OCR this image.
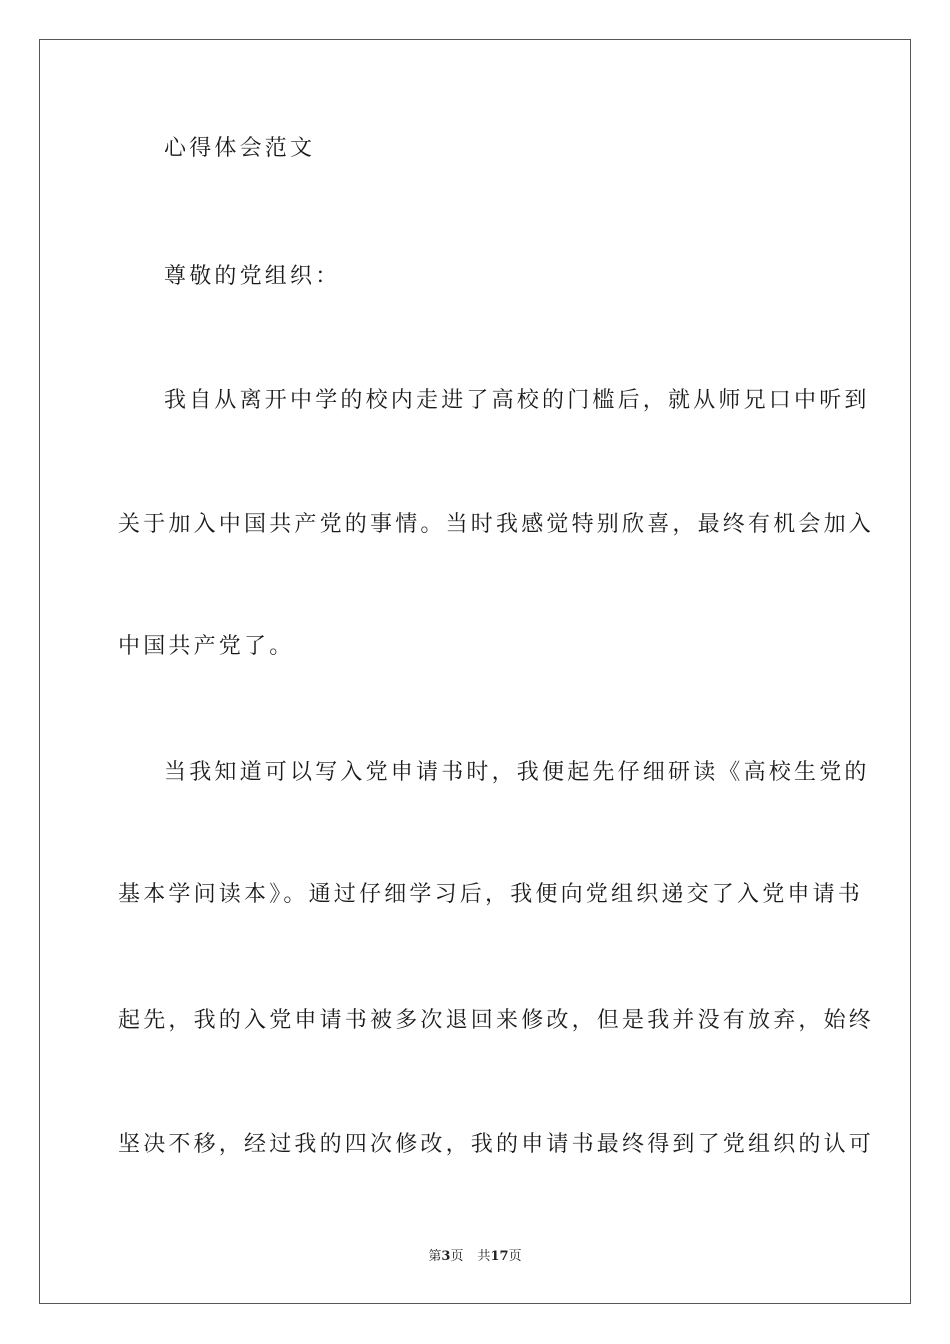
心得体会范文
尊敬的党组织：
我自从离开中学的校内走进了高校的门槛后，就从师兄口中听到
关于加入中国共产党的事情。当时我感觉特别欣喜，最终有机会加入
中国共产党了。
当我知道可以写入党申请书时，我便起先仔细研读《高校生党的
基本学问读本》。通过仔细学习后，我便向党组织递交了入党申请书
起先，我的入党申请书被多次退回来修改，但是我并没有放弃，始终
坚决不移，经过我的四次修改，我的申请书最终得到了党组织的认可
第3页 共17页
